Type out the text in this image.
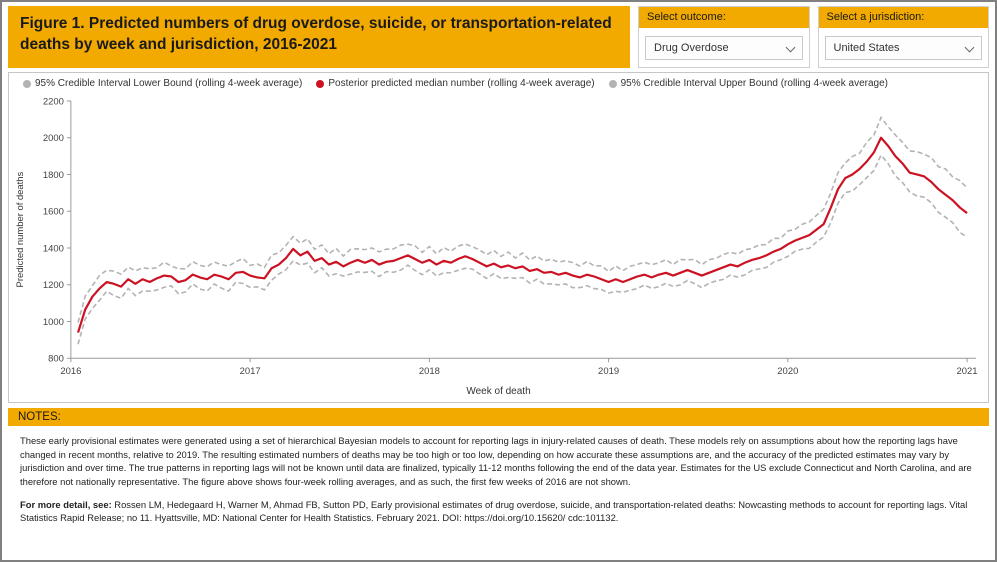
Figure 1. Predicted numbers of drug overdose, suicide, or transportation-related deaths by week and jurisdiction, 2016-2021
Select outcome:
Drug Overdose
Select a jurisdiction:
United States
95% Credible Interval Lower Bound (rolling 4-week average)	Posterior predicted median number (rolling 4-week average)	95% Credible Interval Upper Bound (rolling 4-week average)
800
1000
1200
1400
1600
1800
2000
2200
2016	2017	2018	2019	2020	2021
Predicted number of deaths
Week of death
NOTES:

These early provisional estimates were generated using a set of hierarchical Bayesian models to account for reporting lags in injury-related causes of death. These models rely on assumptions about how the reporting lags have changed in recent months, relative to 2019. The resulting estimated numbers of deaths may be too high or too low, depending on how accurate these assumptions are, and the accuracy of the predicted estimates may vary by jurisdiction and over time. The true patterns in reporting lags will not be known until data are finalized, typically 11-12 months following the end of the data year. Estimates for the US exclude Connecticut and North Carolina, and are therefore not nationally representative. The figure above shows four-week rolling averages, and as such, the first few weeks of 2016 are not shown.

For more detail, see: Rossen LM, Hedegaard H, Warner M, Ahmad FB, Sutton PD, Early provisional estimates of drug overdose, suicide, and transportation-related deaths: Nowcasting methods to account for reporting lags. Vital Statistics Rapid Release; no 11. Hyattsville, MD: National Center for Health Statistics. February 2021. DOI: https://doi.org/10.15620/ cdc:101132.
